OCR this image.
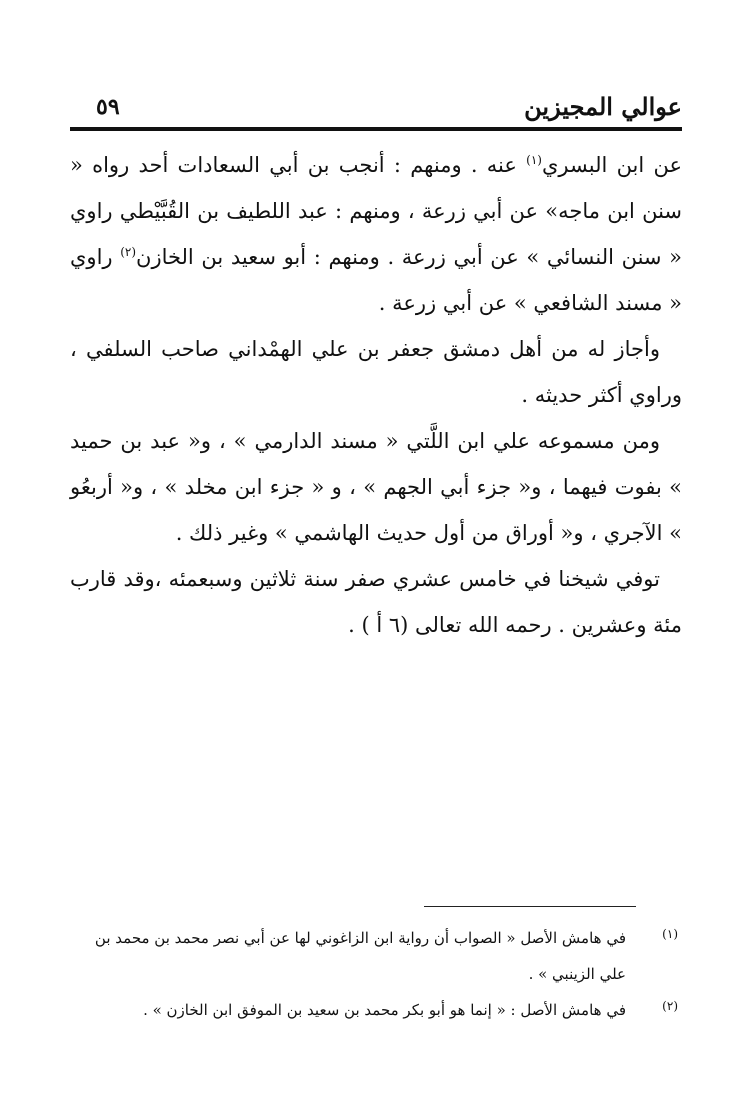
عوالي المجيزين
٥٩

عن ابن البسري$^{(١)}$ عنه . ومنهم : أنجب بن أبي السعادات أحد رواه « سنن ابن ماجه» عن أبي زرعة ، ومنهم : عبد اللطيف بن القُبَّيْطي راوي « سنن النسائي » عن أبي زرعة . ومنهم : أبو سعيد بن الخازن$^{(٢)}$ راوي « مسند الشافعي » عن أبي زرعة .

وأجاز له من أهل دمشق جعفر بن علي الهمْداني صاحب السلفي ، وراوي أكثر حديثه .

ومن مسموعه علي ابن اللَّتي « مسند الدارمي » ، و« عبد بن حميد » بفوت فيهما ، و« جزء أبي الجهم » ، و « جزء ابن مخلد » ، و« أربعُو » الآجري ، و« أوراق من أول حديث الهاشمي » وغير ذلك .

توفي شيخنا في خامس عشري صفر سنة ثلاثين وسبعمئه ،وقد قارب مئة وعشرين . رحمه الله تعالى (٦ أ ) .

(١)
في هامش الأصل « الصواب أن رواية ابن الزاغوني لها عن أبي نصر محمد بن محمد بن علي الزينبي » .
(٢)
في هامش الأصل : « إنما هو أبو بكر محمد بن سعيد بن الموفق ابن الخازن » .
